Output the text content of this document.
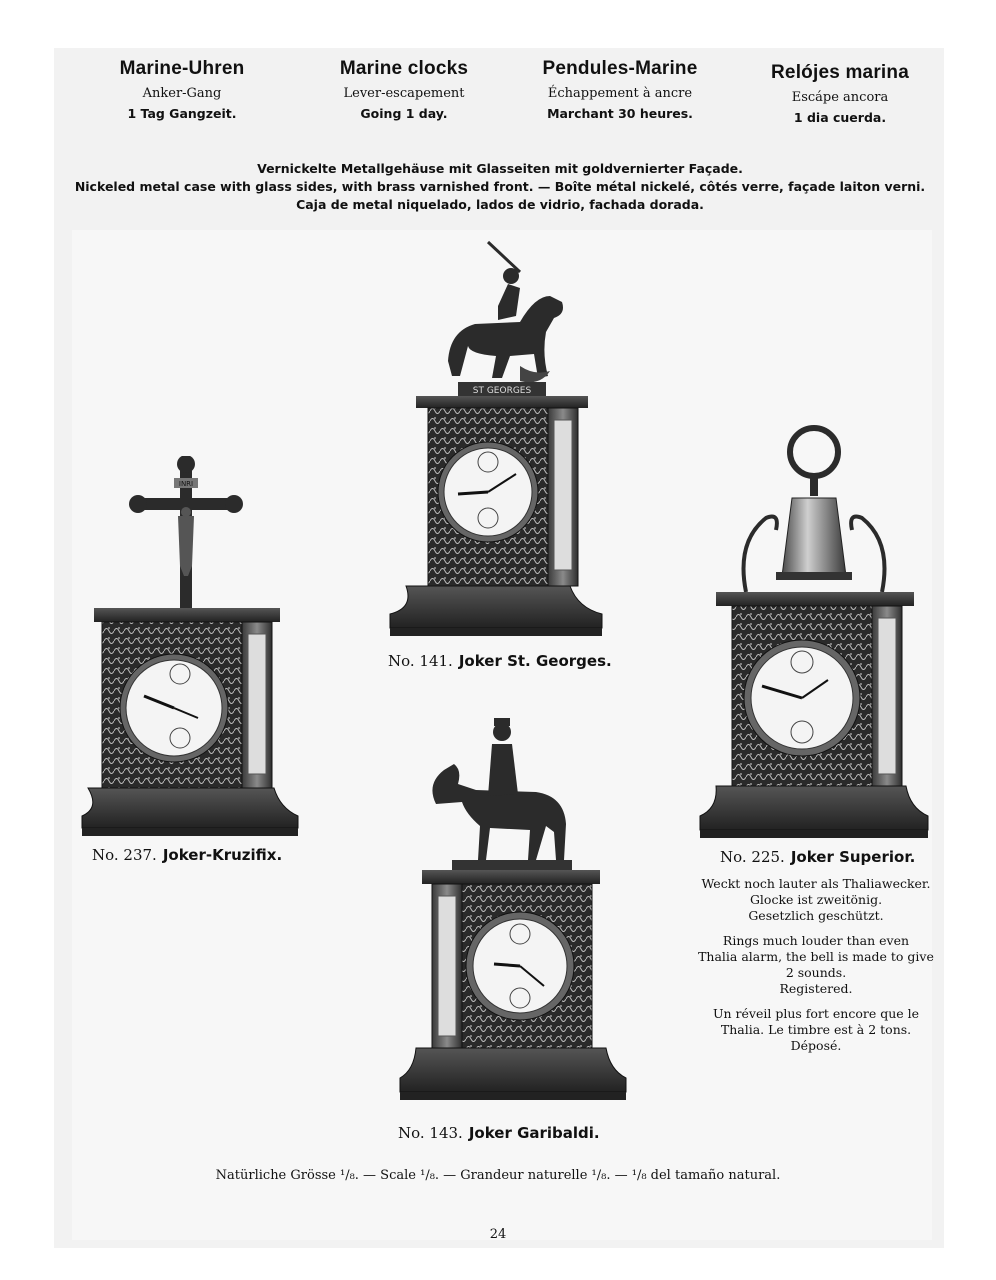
Marine-Uhren
Anker-Gang
1 Tag Gangzeit.
Marine clocks
Lever-escapement
Going 1 day.
Pendules-Marine
Échappement à ancre
Marchant 30 heures.
Relójes marina
Escápe ancora
1 dia cuerda.
Vernickelte Metallgehäuse mit Glasseiten mit goldvernierter Façade.
Nickeled metal case with glass sides, with brass varnished front. — Boîte métal nickelé, côtés verre, façade laiton verni.
Caja de metal niquelado, lados de vidrio, fachada dorada.
ST GEORGES
No. 141. Joker St. Georges.
INRI
No. 237. Joker-Kruzifix.	No. 225. Joker Superior.

Weckt noch lauter als Thaliawecker.
Glocke ist zweitönig.
Gesetzlich geschützt.

Rings much louder than even
Thalia alarm, the bell is made to give
2 sounds.
Registered.

Un réveil plus fort encore que le
Thalia. Le timbre est à 2 tons.
Déposé.

No. 143. Joker Garibaldi.
Natürliche Grösse ¹/₈. — Scale ¹/₈. — Grandeur naturelle ¹/₈. — ¹/₈ del tamaño natural.
24
